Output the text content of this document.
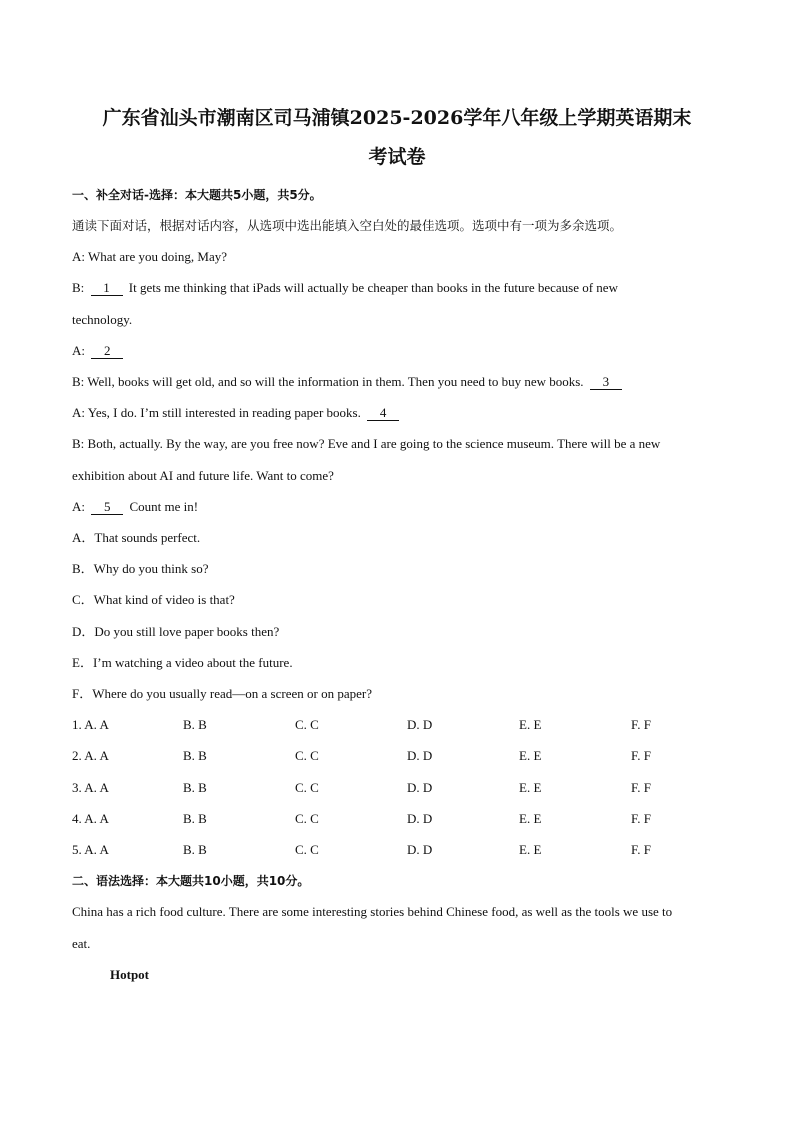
广东省汕头市潮南区司马浦镇2025-2026学年八年级上学期英语期末
考试卷
一、补全对话-选择：本大题共5小题，共5分。
通读下面对话，根据对话内容，从选项中选出能填入空白处的最佳选项。选项中有一项为多余选项。
A: What are you doing, May?
B: 1 It gets me thinking that iPads will actually be cheaper than books in the future because of new
technology.
A: 2
B: Well, books will get old, and so will the information in them. Then you need to buy new books. 3
A: Yes, I do. I’m still interested in reading paper books. 4
B: Both, actually. By the way, are you free now? Eve and I are going to the science museum. There will be a new
exhibition about AI and future life. Want to come?
A: 5 Count me in!
A．That sounds perfect.
B．Why do you think so?
C．What kind of video is that?
D．Do you still love paper books then?
E．I’m watching a video about the future.
F．Where do you usually read—on a screen or on paper?
1. A. A	B. B	C. C	D. D	E. E	F. F
2. A. A	B. B	C. C	D. D	E. E	F. F
3. A. A	B. B	C. C	D. D	E. E	F. F
4. A. A	B. B	C. C	D. D	E. E	F. F
5. A. A	B. B	C. C	D. D	E. E	F. F
二、语法选择：本大题共10小题，共10分。
China has a rich food culture. There are some interesting stories behind Chinese food, as well as the tools we use to
eat.
Hotpot
